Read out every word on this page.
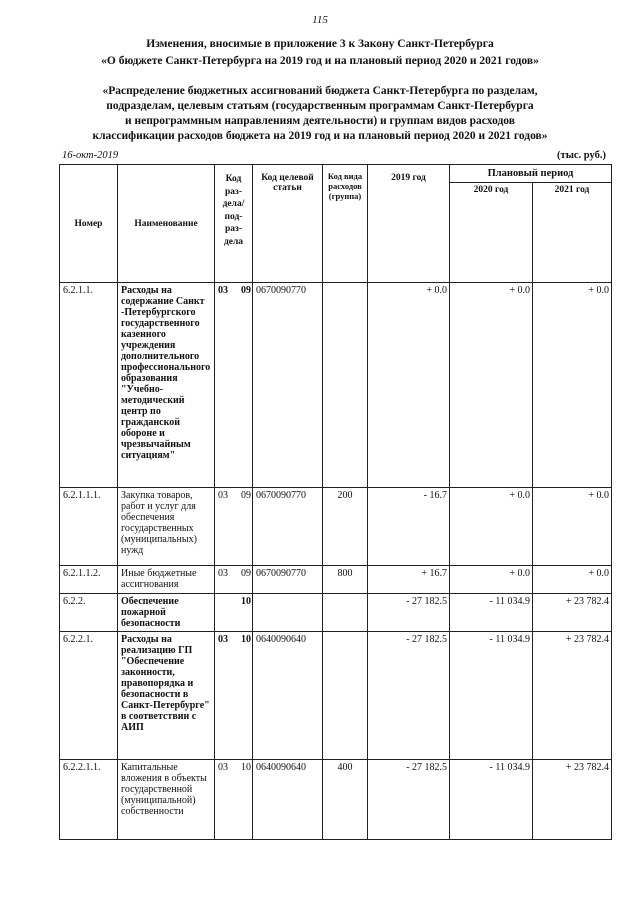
115
Изменения, вносимые в приложение 3 к Закону Санкт-Петербурга
«О бюджете Санкт-Петербурга на 2019 год и на плановый период 2020 и 2021 годов»
«Распределение бюджетных ассигнований бюджета Санкт-Петербурга по разделам,
подразделам, целевым статьям (государственным программам Санкт-Петербурга
и непрограммным направлениям деятельности) и группам видов расходов
классификации расходов бюджета на 2019 год и на плановый период 2020 и 2021 годов»
16-окт-2019	(тыс. руб.)
Номер	Наименование	Код раз- дела/ под- раз- дела		Код целевой статьи	Код вида расходов (группа)	2019 год	Плановый период	
							2020 год	2021 год
6.2.1.1.	Расходы на содержание Санкт -Петербургского государственного казенного учреждения дополнительного профессионального образования "Учебно-методический центр по гражданской обороне и чрезвычайным ситуациям"	03	09	0670090770		+ 0.0	+ 0.0	+ 0.0
6.2.1.1.1.	Закупка товаров, работ и услуг для обеспечения государственных (муниципальных) нужд	03	09	0670090770	200	- 16.7	+ 0.0	+ 0.0
6.2.1.1.2.	Иные бюджетные ассигнования	03	09	0670090770	800	+ 16.7	+ 0.0	+ 0.0
6.2.2.	Обеспечение пожарной безопасности		10			- 27 182.5	- 11 034.9	+ 23 782.4
6.2.2.1.	Расходы на реализацию ГП "Обеспечение законности, правопорядка и безопасности в Санкт-Петербурге" в соответствии с АИП	03	10	0640090640		- 27 182.5	- 11 034.9	+ 23 782.4
6.2.2.1.1.	Капитальные вложения в объекты государственной (муниципальной) собственности	03	10	0640090640	400	- 27 182.5	- 11 034.9	+ 23 782.4
